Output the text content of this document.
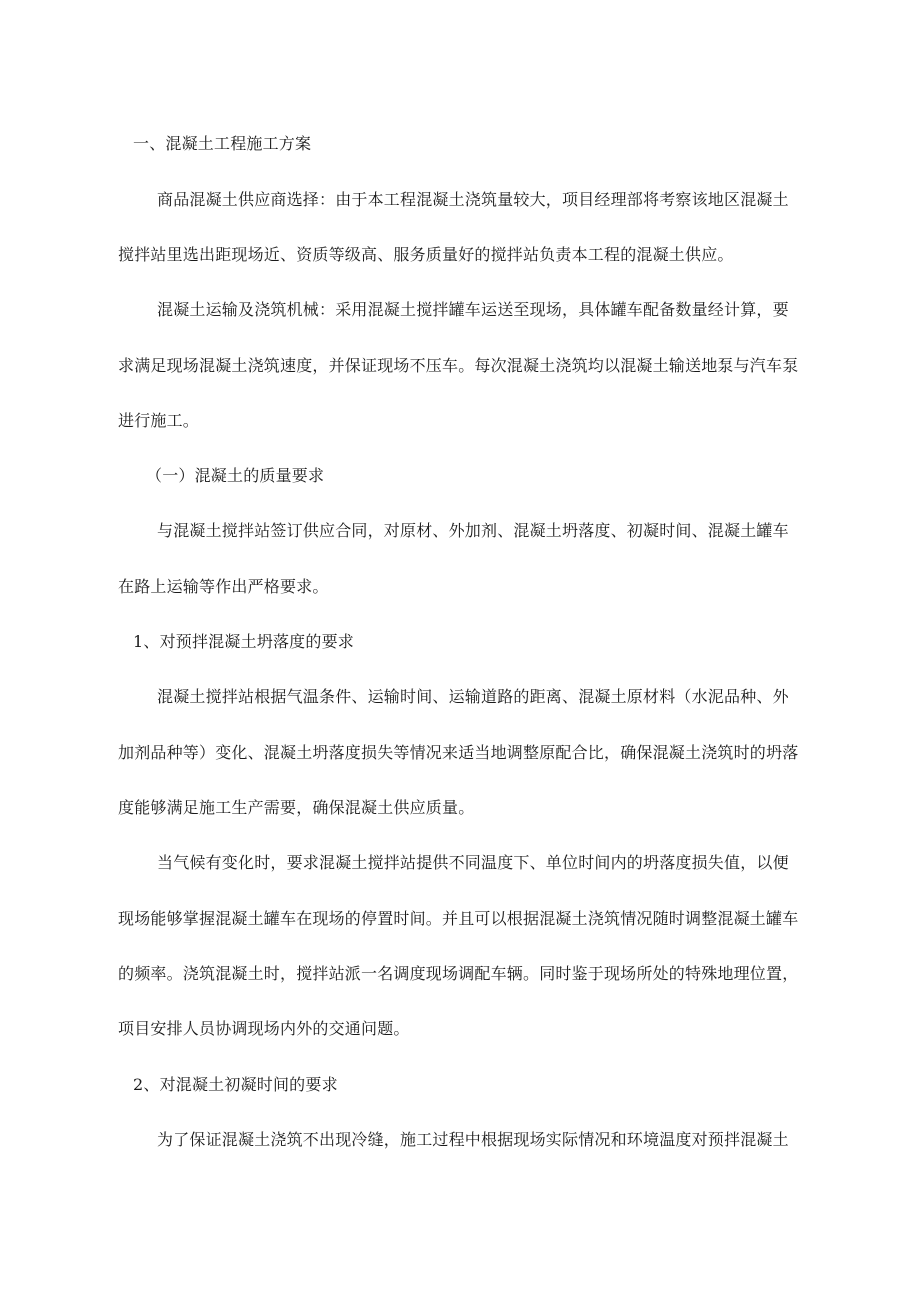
一、混凝土工程施工方案
商品混凝土供应商选择：由于本工程混凝土浇筑量较大，项目经理部将考察该地区混凝土
搅拌站里选出距现场近、资质等级高、服务质量好的搅拌站负责本工程的混凝土供应。
混凝土运输及浇筑机械：采用混凝土搅拌罐车运送至现场，具体罐车配备数量经计算，要
求满足现场混凝土浇筑速度，并保证现场不压车。每次混凝土浇筑均以混凝土输送地泵与汽车泵
进行施工。
（一）混凝土的质量要求
与混凝土搅拌站签订供应合同，对原材、外加剂、混凝土坍落度、初凝时间、混凝土罐车
在路上运输等作出严格要求。
1、对预拌混凝土坍落度的要求
混凝土搅拌站根据气温条件、运输时间、运输道路的距离、混凝土原材料（水泥品种、外
加剂品种等）变化、混凝土坍落度损失等情况来适当地调整原配合比，确保混凝土浇筑时的坍落
度能够满足施工生产需要，确保混凝土供应质量。
当气候有变化时，要求混凝土搅拌站提供不同温度下、单位时间内的坍落度损失值，以便
现场能够掌握混凝土罐车在现场的停置时间。并且可以根据混凝土浇筑情况随时调整混凝土罐车
的频率。浇筑混凝土时，搅拌站派一名调度现场调配车辆。同时鉴于现场所处的特殊地理位置，
项目安排人员协调现场内外的交通问题。
2、对混凝土初凝时间的要求
为了保证混凝土浇筑不出现冷缝，施工过程中根据现场实际情况和环境温度对预拌混凝土
